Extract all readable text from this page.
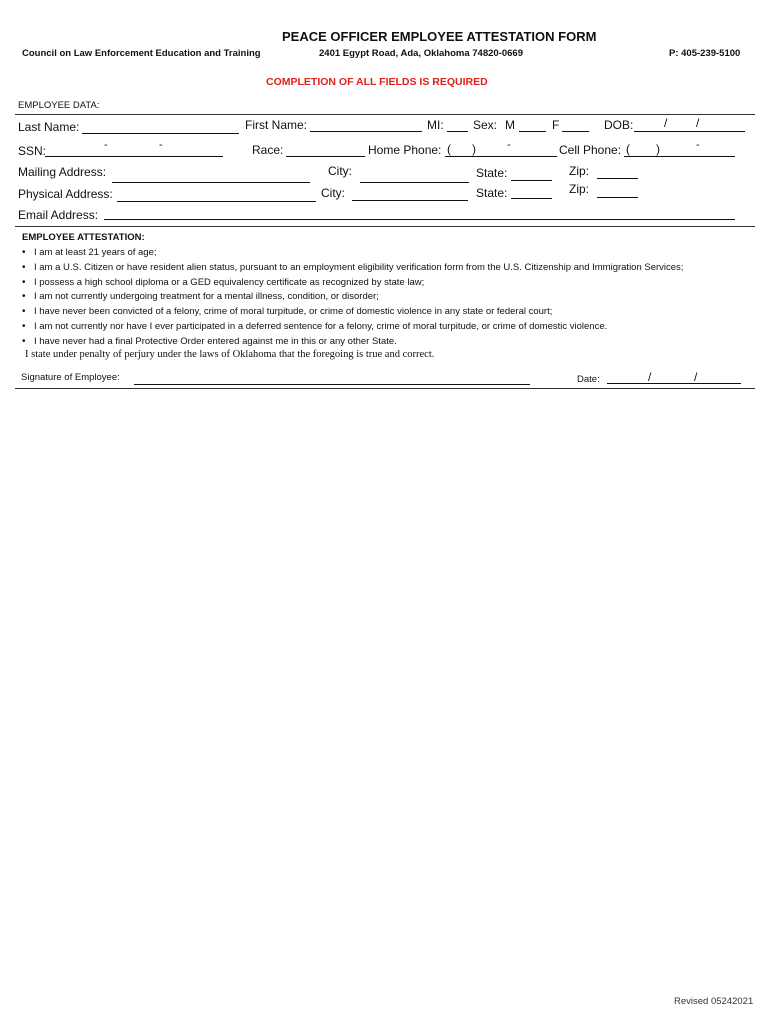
PEACE OFFICER EMPLOYEE ATTESTATION FORM
Council on Law Enforcement Education and Training	2401 Egypt Road, Ada, Oklahoma 74820-0669	P: 405-239-5100
COMPLETION OF ALL FIELDS IS REQUIRED
EMPLOYEE DATA:
Last Name:	First Name:	MI: Sex: M	F	DOB:	/ /
SSN:	-	-	Race:	Home Phone: ( )	-	Cell Phone: ( )	-
Mailing Address:	City:	State:	Zip:
Physical Address:	City:	State:	Zip:
Email Address:
EMPLOYEE ATTESTATION:
• I am at least 21 years of age;
• I am a U.S. Citizen or have resident alien status, pursuant to an employment eligibility verification form from the U.S. Citizenship and Immigration Services;
• I possess a high school diploma or a GED equivalency certificate as recognized by state law;
• I am not currently undergoing treatment for a mental illness, condition, or disorder;
• I have never been convicted of a felony, crime of moral turpitude, or crime of domestic violence in any state or federal court;
• I am not currently nor have I ever participated in a deferred sentence for a felony, crime of moral turpitude, or crime of domestic violence.
• I have never had a final Protective Order entered against me in this or any other State.
I state under penalty of perjury under the laws of Oklahoma that the foregoing is true and correct.
Signature of Employee:	Date:	/	/
Revised 05242021
